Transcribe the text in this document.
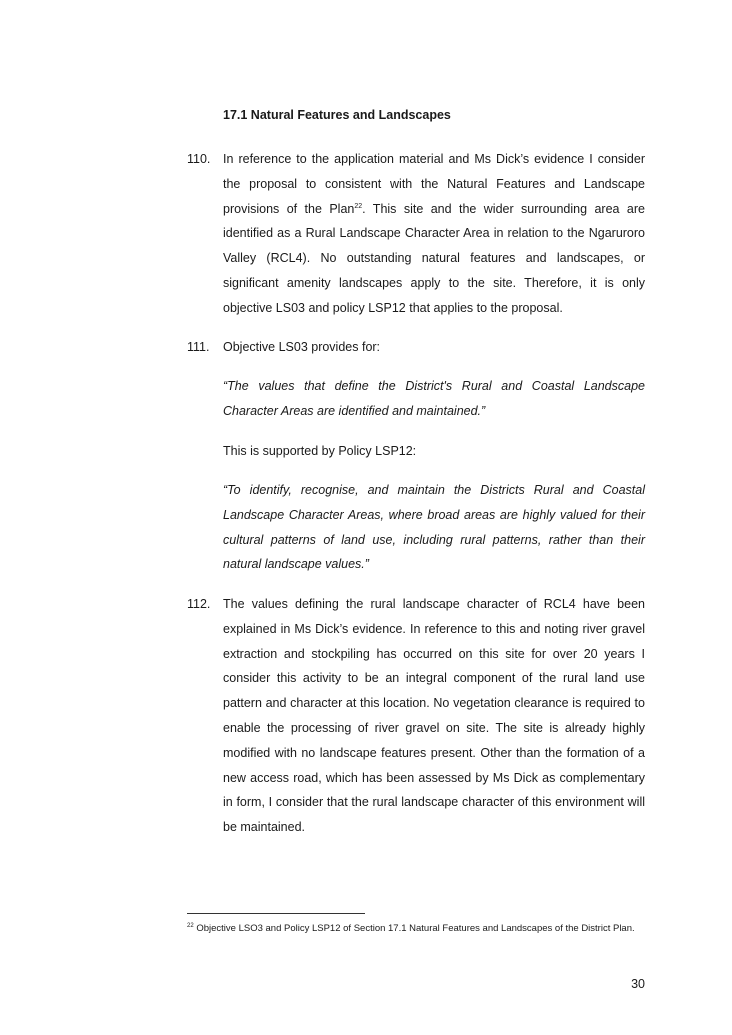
17.1 Natural Features and Landscapes
110.	In reference to the application material and Ms Dick’s evidence I consider the proposal to consistent with the Natural Features and Landscape provisions of the Plan$^{22}$. This site and the wider surrounding area are identified as a Rural Landscape Character Area in relation to the Ngaruroro Valley (RCL4). No outstanding natural features and landscapes, or significant amenity landscapes apply to the site. Therefore, it is only objective LS03 and policy LSP12 that applies to the proposal.
111.	Objective LS03 provides for:
“The values that define the District's Rural and Coastal Landscape Character Areas are identified and maintained.”
This is supported by Policy LSP12:
“To identify, recognise, and maintain the Districts Rural and Coastal Landscape Character Areas, where broad areas are highly valued for their cultural patterns of land use, including rural patterns, rather than their natural landscape values.”
112.	The values defining the rural landscape character of RCL4 have been explained in Ms Dick’s evidence. In reference to this and noting river gravel extraction and stockpiling has occurred on this site for over 20 years I consider this activity to be an integral component of the rural land use pattern and character at this location. No vegetation clearance is required to enable the processing of river gravel on site. The site is already highly modified with no landscape features present. Other than the formation of a new access road, which has been assessed by Ms Dick as complementary in form, I consider that the rural landscape character of this environment will be maintained.
$^{22}$ Objective LSO3 and Policy LSP12 of Section 17.1 Natural Features and Landscapes of the District Plan.
30
